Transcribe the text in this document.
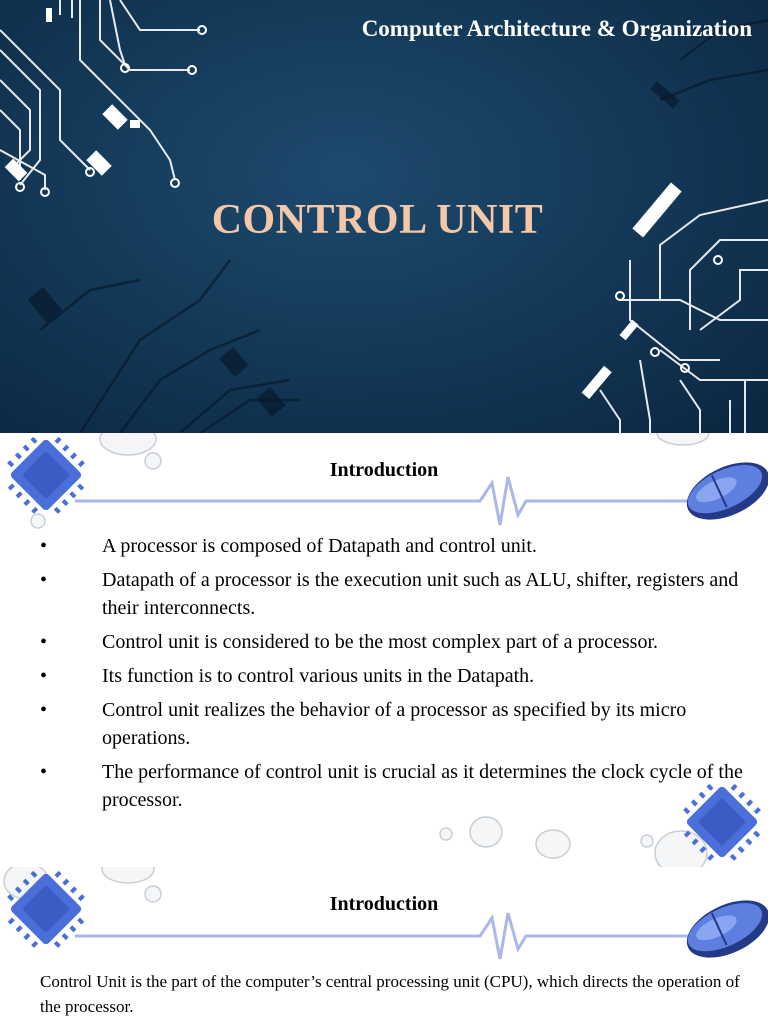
Computer Architecture & Organization
CONTROL UNIT
Introduction
•	A processor is composed of Datapath and control unit.
•	Datapath of a processor is the execution unit such as ALU, shifter, registers and their interconnects.
•	Control unit is considered to be the most complex part of a processor.
•	Its function is to control various units in the Datapath.
•	Control unit realizes the behavior of a processor as specified by its micro operations.
•	The performance of control unit is crucial as it determines the clock cycle of the processor.
Introduction
Control Unit is the part of the computer’s central processing unit (CPU), which directs the operation of the processor.
